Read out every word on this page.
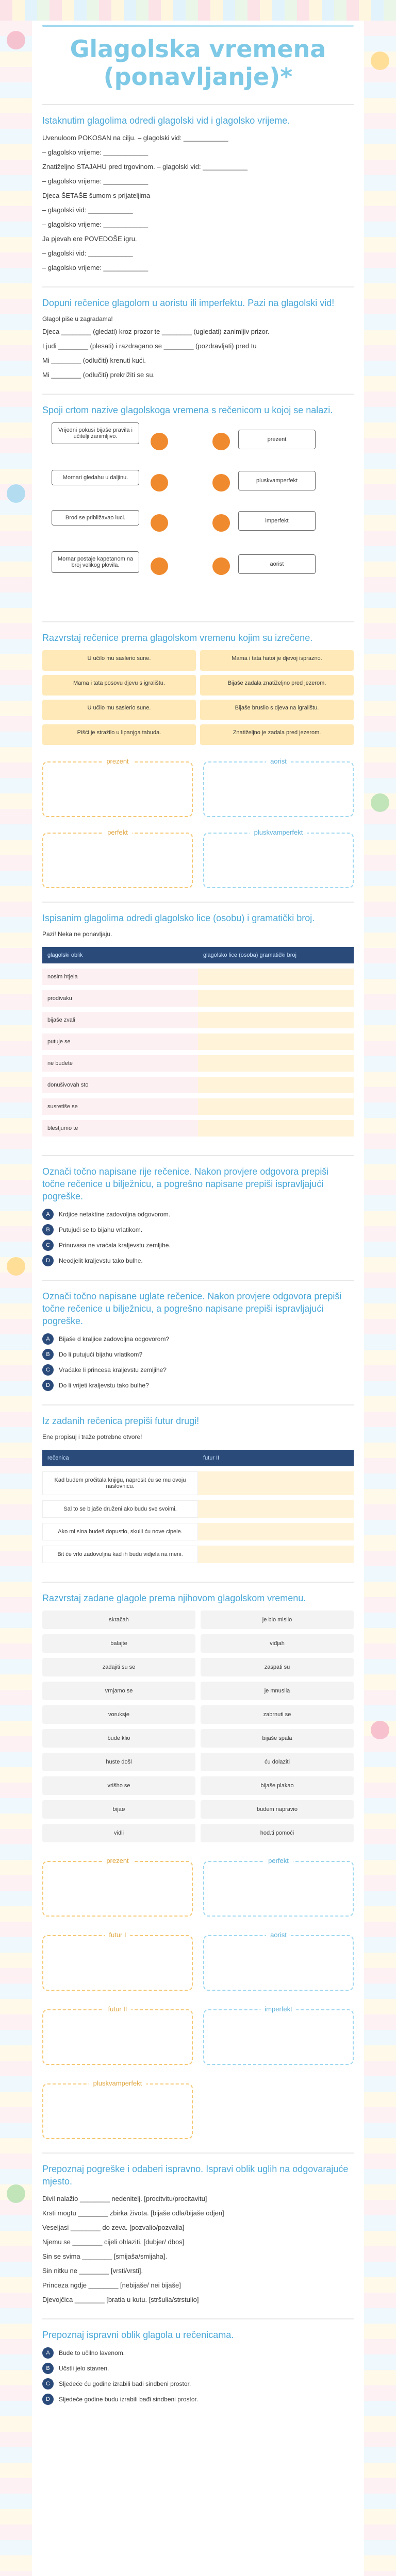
Glagolska vremena (ponavljanje)*

Istaknutim glagolima odredi glagolski vid i glagolsko vrijeme.

Uvenuloom POKOSAN na cilju. – glagolski vid: ____________

– glagolsko vrijeme: ____________

Znatiželjno STAJAHU pred trgovinom. – glagolski vid: ____________

– glagolsko vrijeme: ____________

Djeca ŠETAŠE šumom s prijateljima

– glagolski vid: ____________

– glagolsko vrijeme: ____________

Ja pjevah ere POVEDOŠE igru.

– glagolski vid: ____________

– glagolsko vrijeme: ____________

Dopuni rečenice glagolom u aoristu ili imperfektu. Pazi na glagolski vid!

Glagol piše u zagradama!

Djeca ________ (gledati) kroz prozor te ________ (ugledati) zanimljiv prizor.

Ljudi ________ (plesati) i razdragano se ________ (pozdravljati) pred tu

Mi ________ (odlučiti) krenuti kući.

Mi ________ (odlučiti) prekrižiti se su.

Spoji crtom nazive glagolskoga vremena s rečenicom u kojoj se nalazi.

Vrijedni pokusi bijaše pravila i učitelji zanimljivo.
Mornari gledahu u daljinu.
Brod se približavao luci.
Mornar postaje kapetanom na broj velikog plovila.
prezent
pluskvamperfekt
imperfekt
aorist

Razvrstaj rečenice prema glagolskom vremenu kojim su izrečene.

U učilo mu saslerio sune.	Mama i tata hatoi je djevoj isprazno.
Mama i tata posovu djevu s igralištu.	Bijaše zadala znatiželjno pred jezerom.
U učilo mu saslerio sune.	Bijaše bruslio s djeva na igralištu.
Pišći je stražilo u lipanjga tabuda.	Znatiželjno je zadala pred jezerom.
prezent	aorist
perfekt	pluskvamperfekt

Ispisanim glagolima odredi glagolsko lice (osobu) i gramatički broj.

Pazi! Neka ne ponavljaju.

glagolski oblik	glagolsko lice (osoba) gramatički broj
nosim htjela	
prodivaku	
bijaše zvali	
putuje se	
ne budete	
donušivovah sto	
susretiše se	
blestjumo te	

Označi točno napisane rije rečenice. Nakon provjere odgovora prepiši točne rečenice u bilježnicu, a pogrešno napisane prepiši ispravljajući pogreške.

A	Krdjice netaktine zadovoljna odgovorom.
B	Putujući se to bijahu vrlatikom.
C	Prinuvasa ne vraćala kraljevstu zemljihe.
D	Neodjelit kraljevstu tako bulhe.

Označi točno napisane uglate rečenice. Nakon provjere odgovora prepiši točne rečenice u bilježnicu, a pogrešno napisane prepiši ispravljajući pogreške.

A	Bijaše d kraljice zadovoljna odgovorom?
B	Do li putujući bijahu vrlatikom?
C	Vraćake li princesa kraljevstu zemljihe?
D	Do li vrijeti kraljevstu tako bulhe?

Iz zadanih rečenica prepiši futur drugi!

Ene propisuj i traže potrebne otvore!

rečenica	futur II
Kad budem pročitala knjigu, naprosit ću se mu ovoju naslovnicu.	
Sal to se bijaše druženi ako budu sve svoimi.	
Ako mi sina budeš dopustio, skuili ću nove cipele.	
Bit će vrlo zadovoljna kad ih budu vidjela na meni.	

Razvrstaj zadane glagole prema njihovom glagolskom vremenu.

skračah	je bio mislio
balajte	viđjah
zadajiti su se	zaspati su
vrnjamo se	je mnuslia
voruksje	zabrnuti se
bude klio	bijaše spala
huste došl	ću dolaziti
vrišho se	bijaše plakao
bijaø	budem napravio
vidli	hod.ti pomoći
prezent	perfekt
futur I	aorist
futur II	imperfekt
pluskvamperfekt

Prepoznaj pogreške i odaberi ispravno. Ispravi oblik uglih na odgovarajuće mjesto.

Divil nalažio ________ nedenitelj. [procitvitu/procitavitu]

Krsti mogtu ________ zbirka života. [bijaše odla/bijaše odjen]

Veseljasi ________ do zeva. [pozvalio/pozvalia]

Njemu se ________ cijeli ohlaziti. [dubjer/ dbos]

Sin se svima ________ [smijaša/smijaha].

Sin nitku ne ________ [vrsti/vrsti].

Princeza ngdje ________ [nebijaše/ nei bijaše]

Djevojčica ________ [bratia u kutu. [stršulia/strstulio]

Prepoznaj ispravni oblik glagola u rečenicama.

A	Bude to učilno lavenom.
B	Učstli jelo stavren.
C	Sljedeće ću godine izrabili bađi sindbeni prostor.
D	Sljedeće godine budu izrabili bađi sindbeni prostor.
